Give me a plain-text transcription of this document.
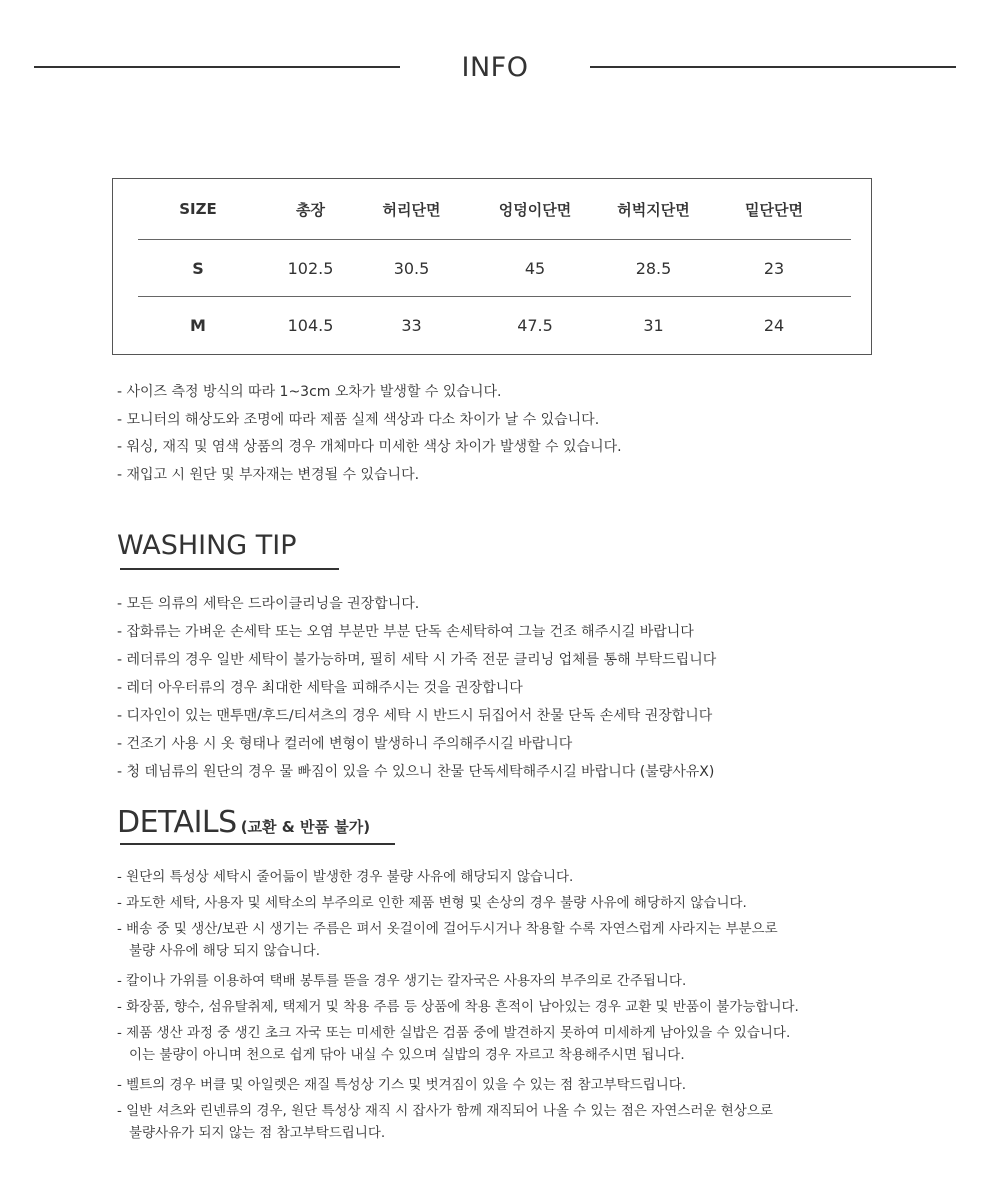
INFO
SIZE	총장	허리단면	엉덩이단면	허벅지단면	밑단단면
S	102.5	30.5	45	28.5	23
M	104.5	33	47.5	31	24
- 사이즈 측정 방식의 따라 1~3cm 오차가 발생할 수 있습니다.
- 모니터의 해상도와 조명에 따라 제품 실제 색상과 다소 차이가 날 수 있습니다.
- 워싱, 재직 및 염색 상품의 경우 개체마다 미세한 색상 차이가 발생할 수 있습니다.
- 재입고 시 원단 및 부자재는 변경될 수 있습니다.
WASHING TIP
- 모든 의류의 세탁은 드라이클리닝을 권장합니다.
- 잡화류는 가벼운 손세탁 또는 오염 부분만 부분 단독 손세탁하여 그늘 건조 해주시길 바랍니다
- 레더류의 경우 일반 세탁이 불가능하며, 필히 세탁 시 가죽 전문 클리닝 업체를 통해 부탁드립니다
- 레더 아우터류의 경우 최대한 세탁을 피해주시는 것을 권장합니다
- 디자인이 있는 맨투맨/후드/티셔츠의 경우 세탁 시 반드시 뒤집어서 찬물 단독 손세탁 권장합니다
- 건조기 사용 시 옷 형태나 컬러에 변형이 발생하니 주의해주시길 바랍니다
- 청 데님류의 원단의 경우 물 빠짐이 있을 수 있으니 찬물 단독세탁해주시길 바랍니다 (불량사유X)
DETAILS (교환 & 반품 불가)
- 원단의 특성상 세탁시 줄어듦이 발생한 경우 불량 사유에 해당되지 않습니다.
- 과도한 세탁, 사용자 및 세탁소의 부주의로 인한 제품 변형 및 손상의 경우 불량 사유에 해당하지 않습니다.
- 배송 중 및 생산/보관 시 생기는 주름은 펴서 옷걸이에 걸어두시거나 착용할 수록 자연스럽게 사라지는 부분으로
불량 사유에 해당 되지 않습니다.
- 칼이나 가위를 이용하여 택배 봉투를 뜯을 경우 생기는 칼자국은 사용자의 부주의로 간주됩니다.
- 화장품, 향수, 섬유탈취제, 택제거 및 착용 주름 등 상품에 착용 흔적이 남아있는 경우 교환 및 반품이 불가능합니다.
- 제품 생산 과정 중 생긴 초크 자국 또는 미세한 실밥은 검품 중에 발견하지 못하여 미세하게 남아있을 수 있습니다.
이는 불량이 아니며 천으로 쉽게 닦아 내실 수 있으며 실밥의 경우 자르고 착용해주시면 됩니다.
- 벨트의 경우 버클 및 아일렛은 재질 특성상 기스 및 벗겨짐이 있을 수 있는 점 참고부탁드립니다.
- 일반 셔츠와 린넨류의 경우, 원단 특성상 재직 시 잡사가 함께 재직되어 나올 수 있는 점은 자연스러운 현상으로
불량사유가 되지 않는 점 참고부탁드립니다.
